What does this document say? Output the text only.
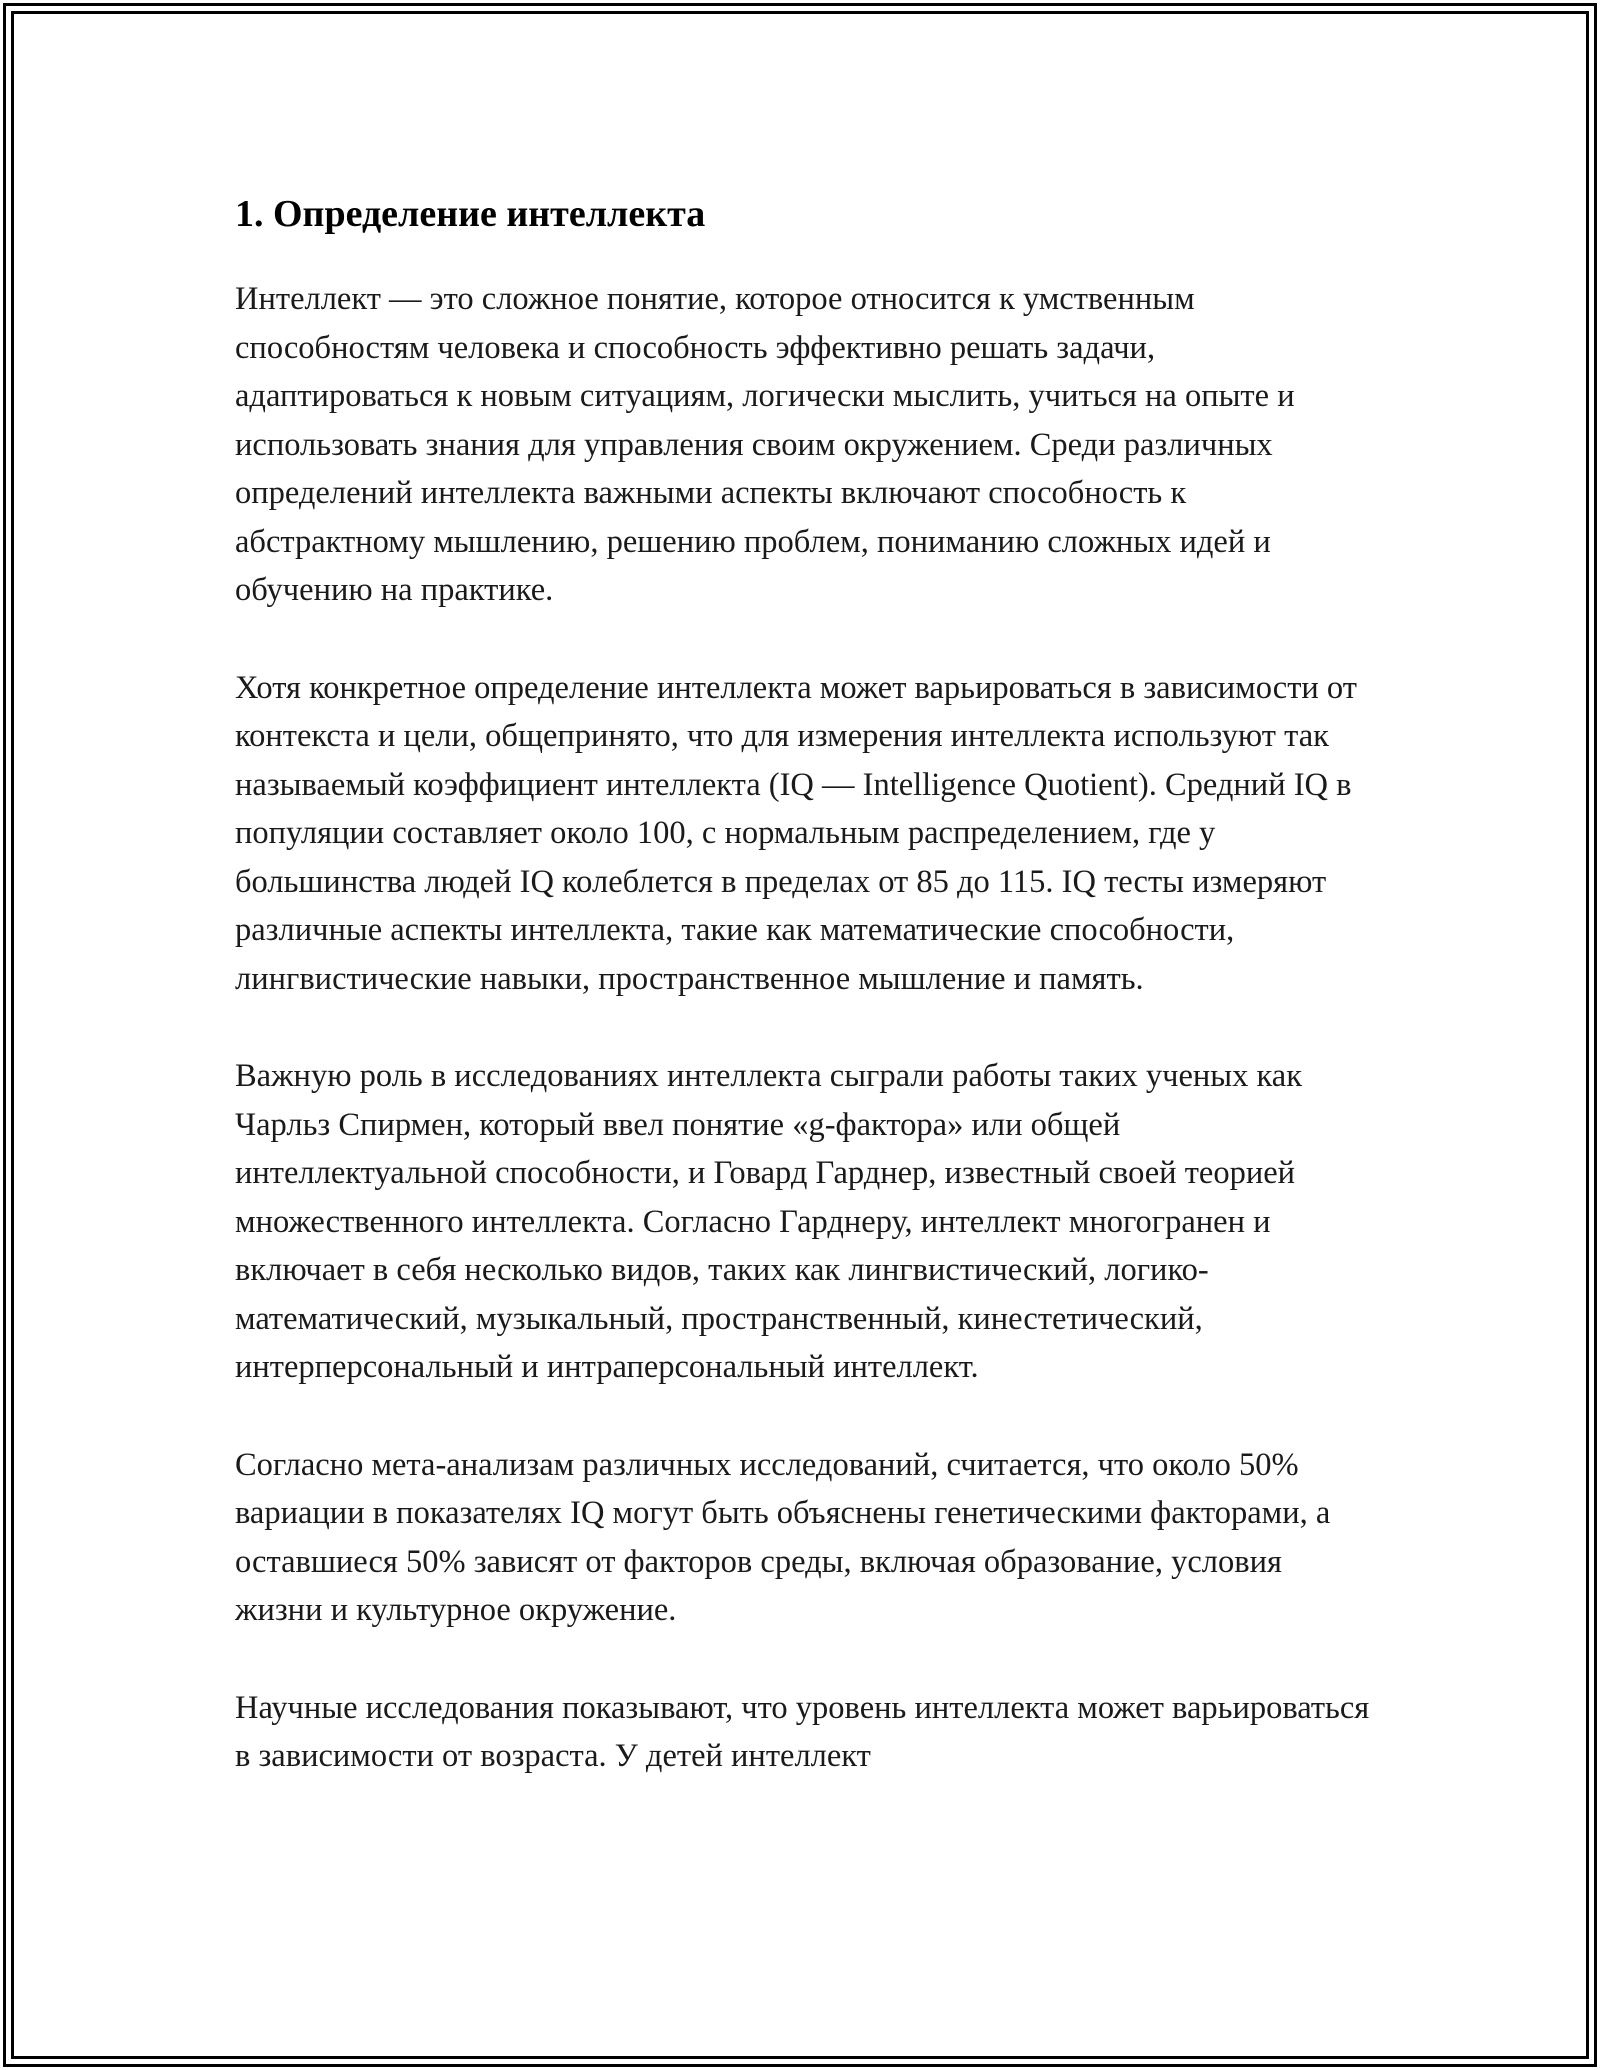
1. Определение интеллекта

Интеллект — это сложное понятие, которое относится к умственным способностям человека и способность эффективно решать задачи, адаптироваться к новым ситуациям, логически мыслить, учиться на опыте и использовать знания для управления своим окружением. Среди различных определений интеллекта важными аспекты включают способность к абстрактному мышлению, решению проблем, пониманию сложных идей и обучению на практике.

Хотя конкретное определение интеллекта может варьироваться в зависимости от контекста и цели, общепринято, что для измерения интеллекта используют так называемый коэффициент интеллекта (IQ — Intelligence Quotient). Средний IQ в популяции составляет около 100, с нормальным распределением, где у большинства людей IQ колеблется в пределах от 85 до 115. IQ тесты измеряют различные аспекты интеллекта, такие как математические способности, лингвистические навыки, пространственное мышление и память.

Важную роль в исследованиях интеллекта сыграли работы таких ученых как Чарльз Спирмен, который ввел понятие «g-фактора» или общей интеллектуальной способности, и Говард Гарднер, известный своей теорией множественного интеллекта. Согласно Гарднеру, интеллект многогранен и включает в себя несколько видов, таких как лингвистический, логико-математический, музыкальный, пространственный, кинестетический, интерперсональный и интраперсональный интеллект.

Согласно мета-анализам различных исследований, считается, что около 50% вариации в показателях IQ могут быть объяснены генетическими факторами, а оставшиеся 50% зависят от факторов среды, включая образование, условия жизни и культурное окружение.

Научные исследования показывают, что уровень интеллекта может варьироваться в зависимости от возраста. У детей интеллект
